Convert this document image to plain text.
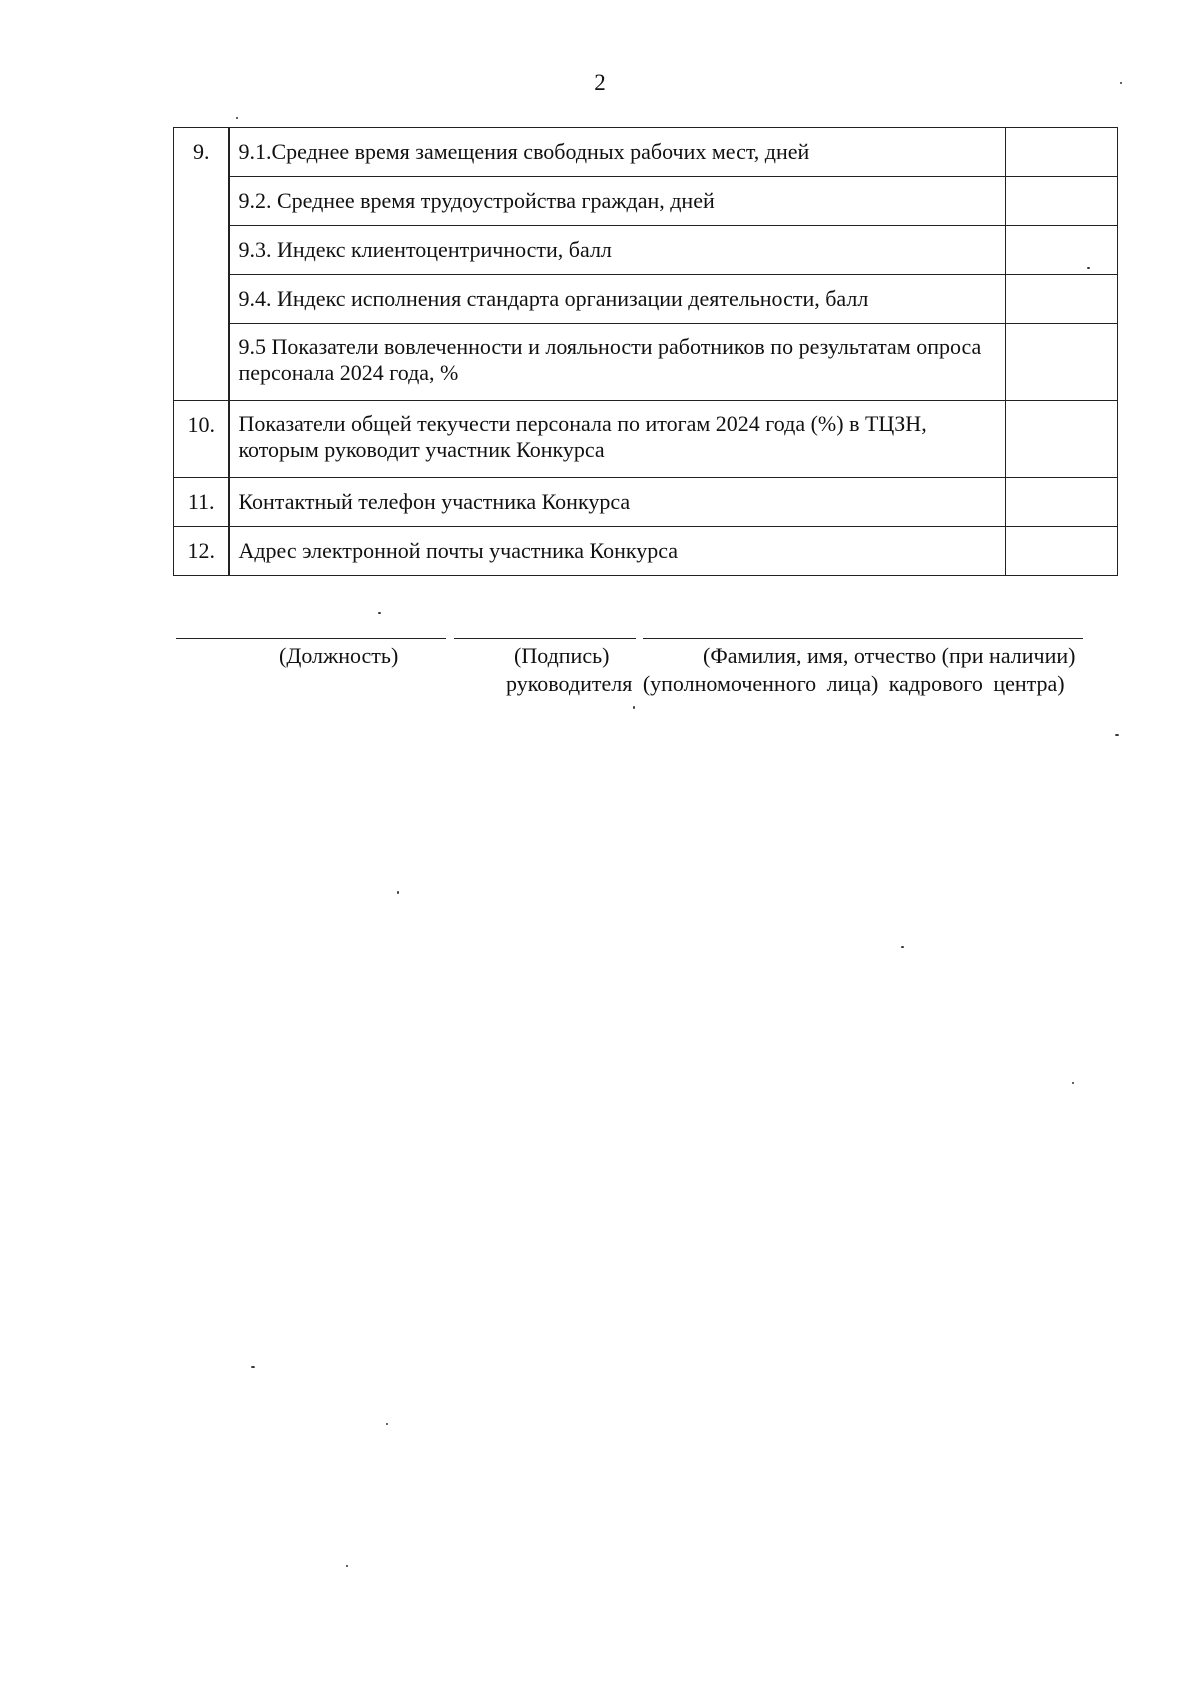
2
9.	9.1.Среднее время замещения свободных рабочих мест, дней	
	9.2. Среднее время трудоустройства граждан, дней	
	9.3. Индекс клиентоцентричности, балл	
	9.4. Индекс исполнения стандарта организации деятельности, балл	
	9.5 Показатели вовлеченности и лояльности работников по результатам опроса персонала 2024 года, %	
10.	Показатели общей текучести персонала по итогам 2024 года (%) в ТЦЗН, которым руководит участник Конкурса	
11.	Контактный телефон участника Конкурса	
12.	Адрес электронной почты участника Конкурса	
(Должность)	(Подпись)	(Фамилия, имя, отчество (при наличии)
руководителя (уполномоченного лица) кадрового центра)
